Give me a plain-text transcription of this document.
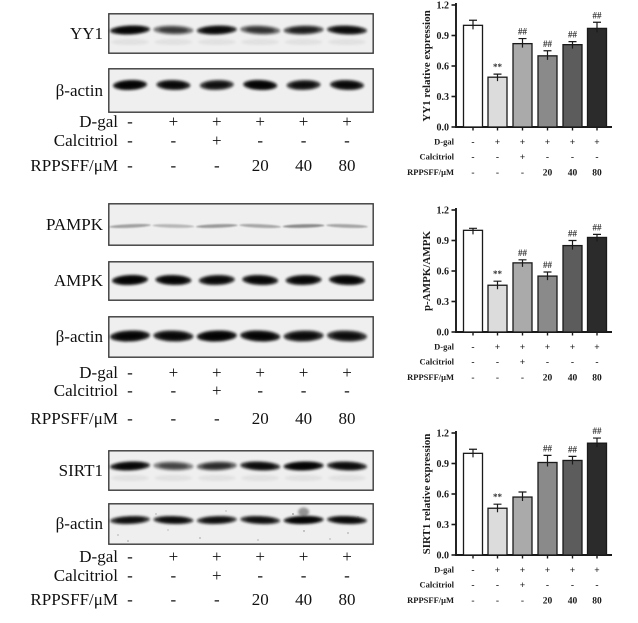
YY1
β-actin
D-gal -	+	+	+	+	+
Calcitriol -	-	+	-	-	-
RPPSFF/μM -	-	-	20	40	80
PAMPK
AMPK
β-actin
D-gal -	+	+	+	+	+
Calcitriol -	-	+	-	-	-
RPPSFF/μM -	-	-	20	40	80
SIRT1
β-actin
D-gal -	+	+	+	+	+
Calcitriol -	-	+	-	-	-
RPPSFF/μM -	-	-	20	40	80
0.0
0.3
0.6
0.9
1.2
YY1 relative expression	**
##
##
##
##
D-gal - + + + + +
Calcitriol - - + - - -
RPPSFF/μM - - - 20 40 80
0.0
0.3
0.6
0.9
1.2
p-AMPK/AMPK	**
##
##
##
##
D-gal - + + + + +
Calcitriol - - + - - -
RPPSFF/μM - - - 20 40 80
0.0
0.3
0.6
0.9
1.2
SIRT1 relative expression	**
## ##
##
D-gal - + + + + +
Calcitriol - - + - - -
RPPSFF/μM - - - 20 40 80
